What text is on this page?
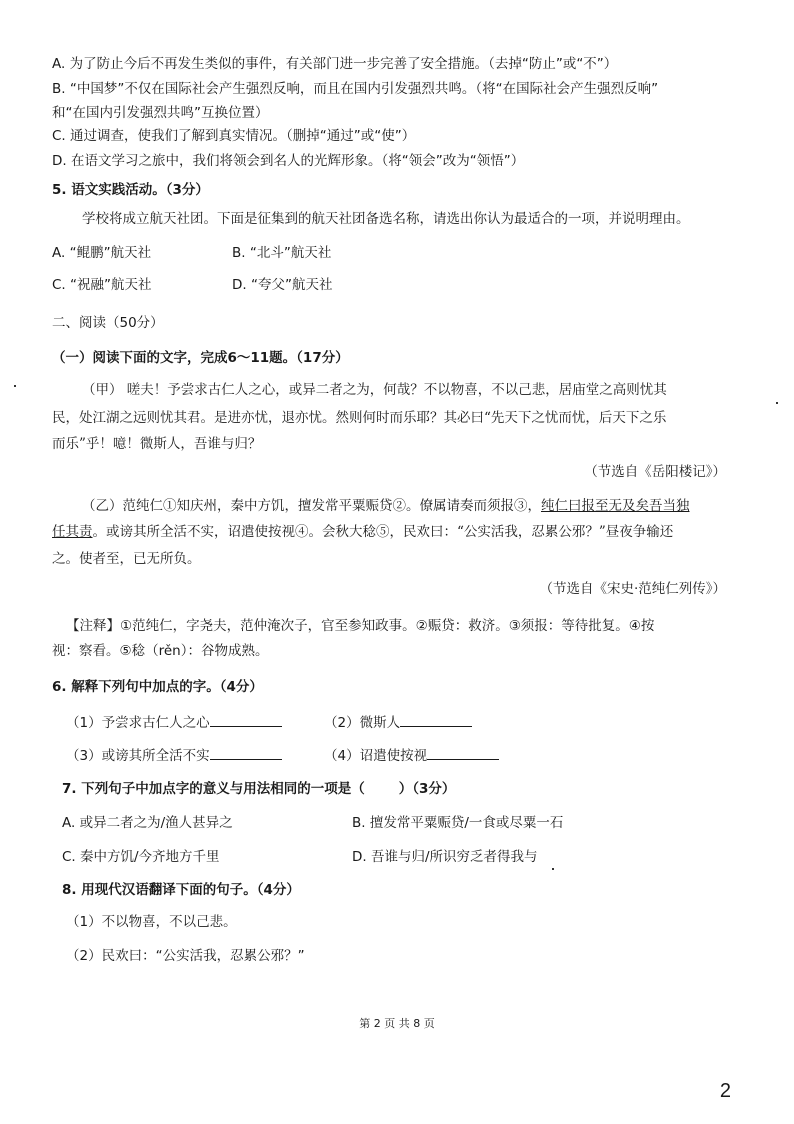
A. 为了防止今后不再发生类似的事件，有关部门进一步完善了安全措施。（去掉“防止”或“不”）
B. “中国梦”不仅在国际社会产生强烈反响，而且在国内引发强烈共鸣。（将“在国际社会产生强烈反响”
和“在国内引发强烈共鸣”互换位置）
C. 通过调查，使我们了解到真实情况。（删掉“通过”或“使”）
D. 在语文学习之旅中，我们将领会到名人的光辉形象。（将“领会”改为“领悟”）
5. 语文实践活动。（3分）
学校将成立航天社团。下面是征集到的航天社团备选名称，请选出你认为最适合的一项，并说明理由。
A. “鲲鹏”航天社	B. “北斗”航天社
C. “祝融”航天社	D. “夸父”航天社
二、阅读（50分）
（一）阅读下面的文字，完成6～11题。（17分）
（甲） 嗟夫！予尝求古仁人之心，或异二者之为，何哉？不以物喜，不以己悲，居庙堂之高则忧其
民，处江湖之远则忧其君。是进亦忧，退亦忧。然则何时而乐耶？其必曰“先天下之忧而忧，后天下之乐
而乐”乎！噫！微斯人，吾谁与归？
（节选自《岳阳楼记》）
（乙）范纯仁①知庆州，秦中方饥，擅发常平粟赈贷②。僚属请奏而须报③，纯仁曰报至无及矣吾当独
任其责。或谤其所全活不实，诏遣使按视④。会秋大稔⑤，民欢曰：“公实活我，忍累公邪？”昼夜争输还
之。使者至，已无所负。
（节选自《宋史·范纯仁列传》）
【注释】①范纯仁，字尧夫，范仲淹次子，官至参知政事。②赈贷：救济。③须报：等待批复。④按
视：察看。⑤稔（rěn）：谷物成熟。
6. 解释下列句中加点的字。（4分）
（1）予尝求古仁人之心	（2）微斯人
（3）或谤其所全活不实	（4）诏遣使按视
7. 下列句子中加点字的意义与用法相同的一项是（	）（3分）
A. 或异二者之为/渔人甚异之	B. 擅发常平粟赈贷/一食或尽粟一石
C. 秦中方饥/今齐地方千里	D. 吾谁与归/所识穷乏者得我与
8. 用现代汉语翻译下面的句子。（4分）
（1）不以物喜，不以己悲。
（2）民欢曰：“公实活我，忍累公邪？”
第 2 页 共 8 页
2
